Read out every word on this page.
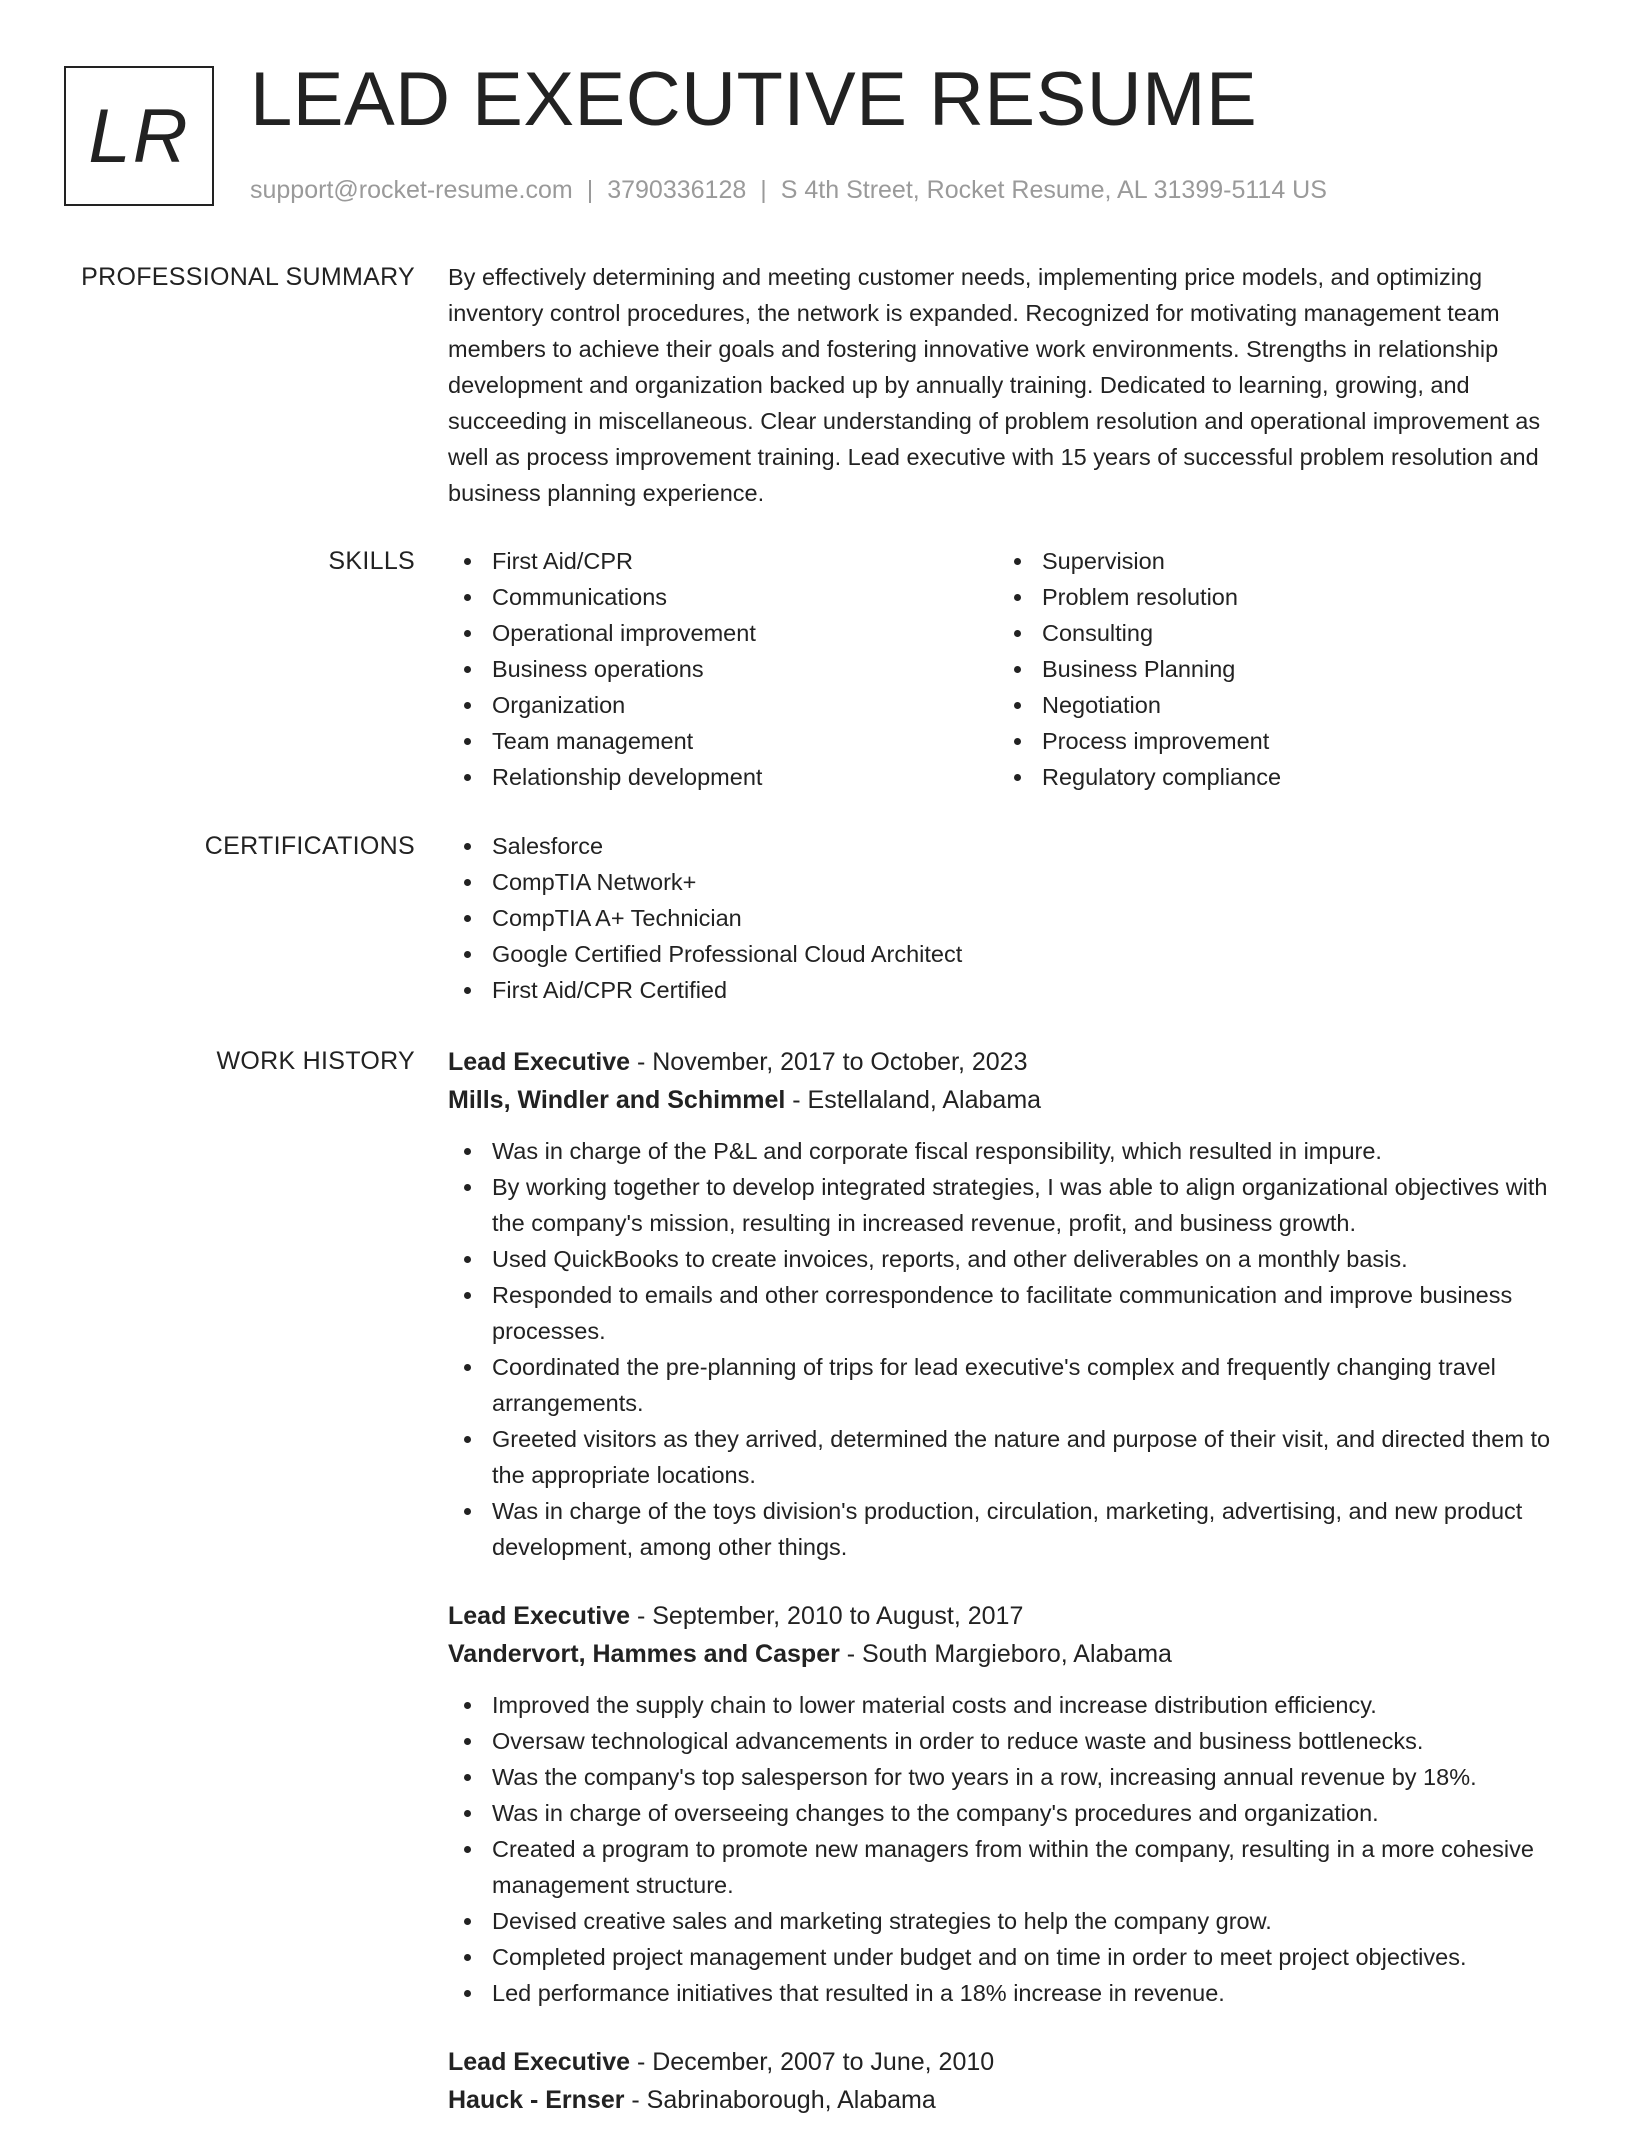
LR LEAD EXECUTIVE RESUME
support@rocket-resume.com | 3790336128 | S 4th Street, Rocket Resume, AL 31399-5114 US
PROFESSIONAL SUMMARY By effectively determining and meeting customer needs, implementing price models, and optimizing inventory control procedures, the network is expanded. Recognized for motivating management team members to achieve their goals and fostering innovative work environments. Strengths in relationship development and organization backed up by annually training. Dedicated to learning, growing, and succeeding in miscellaneous. Clear understanding of problem resolution and operational improvement as well as process improvement training. Lead executive with 15 years of successful problem resolution and business planning experience.

SKILLS	First Aid/CPR
Communications
Operational improvement
Business operations
Organization
Team management
Relationship development
Supervision
Problem resolution
Consulting
Business Planning
Negotiation
Process improvement
Regulatory compliance
CERTIFICATIONS	Salesforce
CompTIA Network+
CompTIA A+ Technician
Google Certified Professional Cloud Architect
First Aid/CPR Certified
WORK HISTORY Lead Executive - November, 2017 to October, 2023
Mills, Windler and Schimmel - Estellaland, Alabama
Was in charge of the P&L and corporate fiscal responsibility, which resulted in impure.
By working together to develop integrated strategies, I was able to align organizational objectives with the company's mission, resulting in increased revenue, profit, and business growth.
Used QuickBooks to create invoices, reports, and other deliverables on a monthly basis.
Responded to emails and other correspondence to facilitate communication and improve business processes.
Coordinated the pre-planning of trips for lead executive's complex and frequently changing travel arrangements.
Greeted visitors as they arrived, determined the nature and purpose of their visit, and directed them to the appropriate locations.
Was in charge of the toys division's production, circulation, marketing, advertising, and new product development, among other things.
Lead Executive - September, 2010 to August, 2017
Vandervort, Hammes and Casper - South Margieboro, Alabama
Improved the supply chain to lower material costs and increase distribution efficiency.
Oversaw technological advancements in order to reduce waste and business bottlenecks.
Was the company's top salesperson for two years in a row, increasing annual revenue by 18%.
Was in charge of overseeing changes to the company's procedures and organization.
Created a program to promote new managers from within the company, resulting in a more cohesive management structure.
Devised creative sales and marketing strategies to help the company grow.
Completed project management under budget and on time in order to meet project objectives.
Led performance initiatives that resulted in a 18% increase in revenue.
Lead Executive - December, 2007 to June, 2010
Hauck - Ernser - Sabrinaborough, Alabama
